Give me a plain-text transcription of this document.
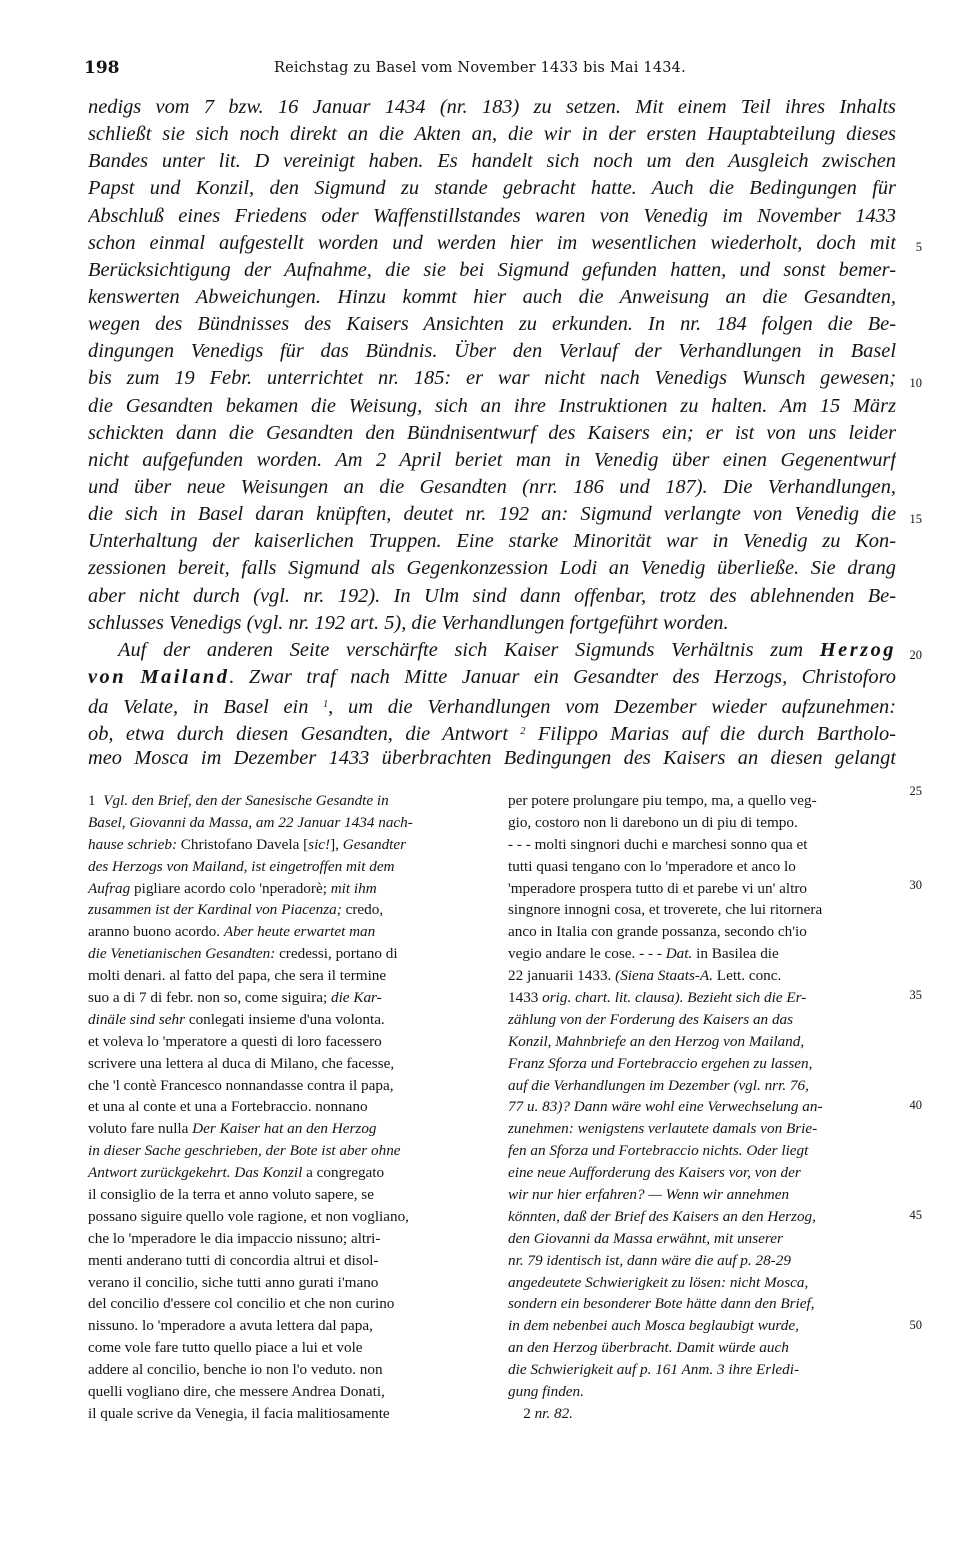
198	Reichstag zu Basel vom November 1433 bis Mai 1434.
nedigs vom 7 bzw. 16 Januar 1434 (nr. 183) zu setzen. Mit einem Teil ihres Inhalts
schließt sie sich noch direkt an die Akten an, die wir in der ersten Hauptabteilung dieses
Bandes unter lit. D vereinigt haben. Es handelt sich noch um den Ausgleich zwischen
Papst und Konzil, den Sigmund zu stande gebracht hatte. Auch die Bedingungen für
Abschluß eines Friedens oder Waffenstillstandes waren von Venedig im November 1433
schon einmal aufgestellt worden und werden hier im wesentlichen wiederholt, doch mit
Berücksichtigung der Aufnahme, die sie bei Sigmund gefunden hatten, und sonst bemer-
kenswerten Abweichungen. Hinzu kommt hier auch die Anweisung an die Gesandten,
wegen des Bündnisses des Kaisers Ansichten zu erkunden. In nr. 184 folgen die Be-
dingungen Venedigs für das Bündnis. Über den Verlauf der Verhandlungen in Basel
bis zum 19 Febr. unterrichtet nr. 185: er war nicht nach Venedigs Wunsch gewesen;
die Gesandten bekamen die Weisung, sich an ihre Instruktionen zu halten. Am 15 März
schickten dann die Gesandten den Bündnisentwurf des Kaisers ein; er ist von uns leider
nicht aufgefunden worden. Am 2 April beriet man in Venedig über einen Gegenentwurf
und über neue Weisungen an die Gesandten (nrr. 186 und 187). Die Verhandlungen,
die sich in Basel daran knüpften, deutet nr. 192 an: Sigmund verlangte von Venedig die
Unterhaltung der kaiserlichen Truppen. Eine starke Minorität war in Venedig zu Kon-
zessionen bereit, falls Sigmund als Gegenkonzession Lodi an Venedig überließe. Sie drang
aber nicht durch (vgl. nr. 192). In Ulm sind dann offenbar, trotz des ablehnenden Be-
schlusses Venedigs (vgl. nr. 192 art. 5), die Verhandlungen fortgeführt worden.
Auf der anderen Seite verschärfte sich Kaiser Sigmunds Verhältnis zum Herzog
von Mailand. Zwar traf nach Mitte Januar ein Gesandter des Herzogs, Christoforo
da Velate, in Basel ein $^1$, um die Verhandlungen vom Dezember wieder aufzunehmen:
ob, etwa durch diesen Gesandten, die Antwort $^2$ Filippo Marias auf die durch Bartholo-
meo Mosca im Dezember 1433 überbrachten Bedingungen des Kaisers an diesen gelangt
5
10
15
20
25
30
35
40
45
50
1  Vgl. den Brief, den der Sanesische Gesandte in
Basel, Giovanni da Massa, am 22 Januar 1434 nach-
hause schrieb: Christofano Davela [sic!], Gesandter
des Herzogs von Mailand, ist eingetroffen mit dem
Aufrag pigliare acordo colo 'nperadorè; mit ihm
zusammen ist der Kardinal von Piacenza; credo,
aranno buono acordo. Aber heute erwartet man
die Venetianischen Gesandten: credessi, portano di
molti denari. al fatto del papa, che sera il termine
suo a di 7 di febr. non so, come siguira; die Kar-
dinäle sind sehr conlegati insieme d'una volonta.
et voleva lo 'mperatore a questi di loro facessero
scrivere una lettera al duca di Milano, che facesse,
che 'l contè Francesco nonnandasse contra il papa,
et una al conte et una a Fortebraccio. nonnano
voluto fare nulla Der Kaiser hat an den Herzog
in dieser Sache geschrieben, der Bote ist aber ohne
Antwort zurückgekehrt. Das Konzil a congregato
il consiglio de la terra et anno voluto sapere, se
possano siguire quello vole ragione, et non vogliano,
che lo 'mperadore le dia impaccio nissuno; altri-
menti anderano tutti di concordia altrui et disol-
verano il concilio, siche tutti anno gurati i'mano
del concilio d'essere col concilio et che non curino
nissuno. lo 'mperadore a avuta lettera dal papa,
come vole fare tutto quello piace a lui et vole
addere al concilio, benche io non l'o veduto. non
quelli vogliano dire, che messere Andrea Donati,
il quale scrive da Venegia, il facia malitiosamente
per potere prolungare piu tempo, ma, a quello veg-
gio, costoro non li darebono un di piu di tempo.
- - - molti singnori duchi e marchesi sonno qua et
tutti quasi tengano con lo 'mperadore et anco lo
'mperadore prospera tutto di et parebe vi un' altro
singnore innogni cosa, et troverete, che lui ritornera
anco in Italia con grande possanza, secondo ch'io
vegio andare le cose. - - - Dat. in Basilea die
22 januarii 1433. (Siena Staats-A. Lett. conc.
1433 orig. chart. lit. clausa). Bezieht sich die Er-
zählung von der Forderung des Kaisers an das
Konzil, Mahnbriefe an den Herzog von Mailand,
Franz Sforza und Fortebraccio ergehen zu lassen,
auf die Verhandlungen im Dezember (vgl. nrr. 76,
77 u. 83)? Dann wäre wohl eine Verwechselung an-
zunehmen: wenigstens verlautete damals von Brie-
fen an Sforza und Fortebraccio nichts. Oder liegt
eine neue Aufforderung des Kaisers vor, von der
wir nur hier erfahren? — Wenn wir annehmen
könnten, daß der Brief des Kaisers an den Herzog,
den Giovanni da Massa erwähnt, mit unserer
nr. 79 identisch ist, dann wäre die auf p. 28-29
angedeutete Schwierigkeit zu lösen: nicht Mosca,
sondern ein besonderer Bote hätte dann den Brief,
in dem nebenbei auch Mosca beglaubigt wurde,
an den Herzog überbracht. Damit würde auch
die Schwierigkeit auf p. 161 Anm. 3 ihre Erledi-
gung finden.
2 nr. 82.
